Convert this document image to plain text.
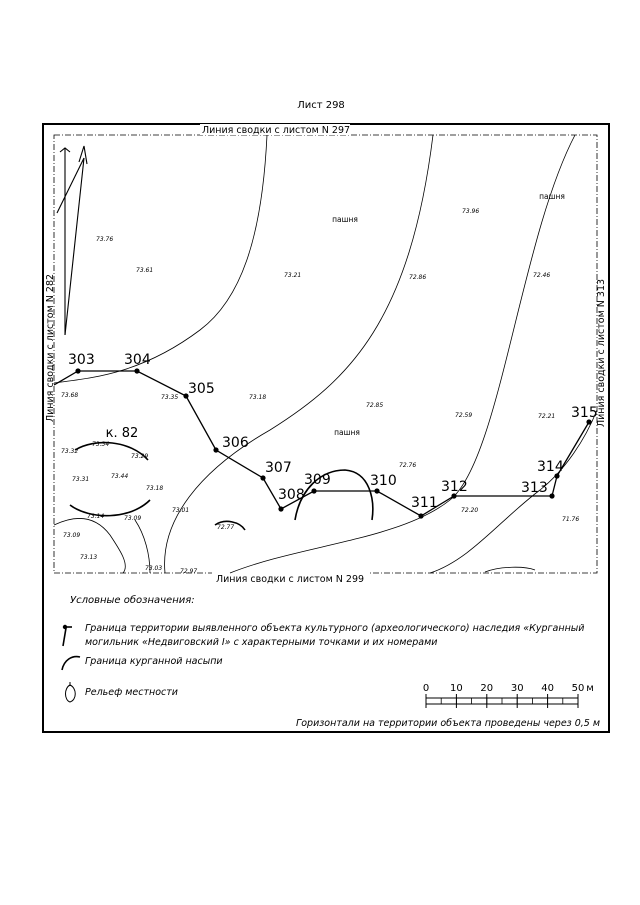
Лист 298
Линия сводки с листом N 297
Линия сводки с листом N 299
Линия сводки с листом N 282	Линия сводки с листом N 313
303 304
305
306
307
308
309	310
311
312	313
314
315
73.76
73.61
73.21	72.86
73.96
72.46
73.68	73.35	73.18
72.85
72.59	72.21
73.32
73.34
73.29
73.31	73.44
73.18
72.76
73.09
73.14	73.09
73.01
72.77
72.20
71.76
73.13
73.03	72.97
пашня
пашня
пашня
к. 82
Условные обозначения:
Граница территории выявленного объекта культурного (археологического) наследия «Курганный
могильник «Недвиговский I» с характерными точками и их номерами
Граница курганной насыпи
Рельеф местности	0 10 20 30 40 50 м
Горизонтали на территории объекта проведены через 0,5 м
